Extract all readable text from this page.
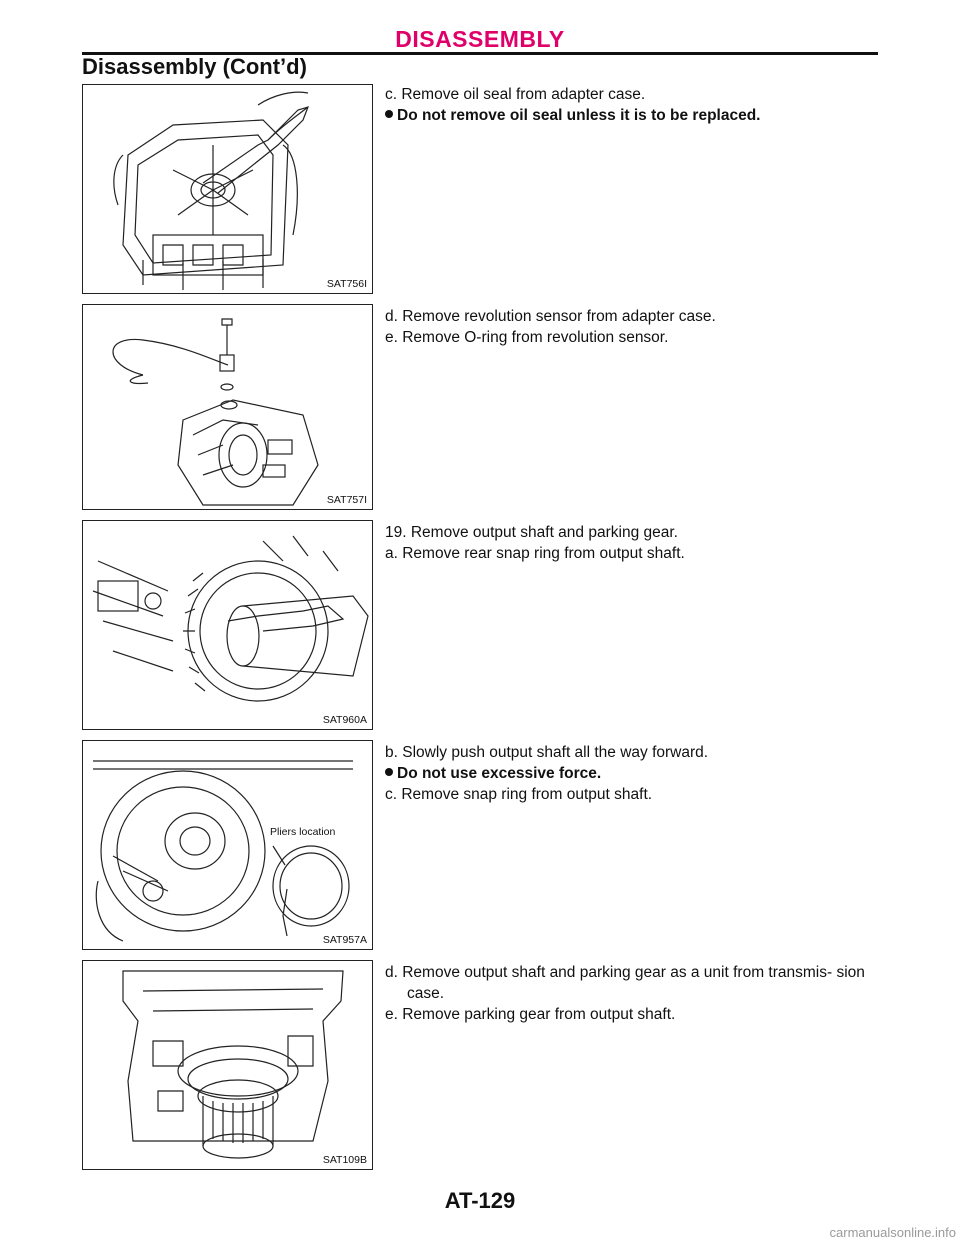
DISASSEMBLY
Disassembly (Cont’d)
SAT756I
SAT757I
SAT960A
SAT957A
Pliers location
SAT109B

c. Remove oil seal from adapter case.

Do not remove oil seal unless it is to be replaced.

d. Remove revolution sensor from adapter case.

e. Remove O-ring from revolution sensor.

19. Remove output shaft and parking gear.

a. Remove rear snap ring from output shaft.

b. Slowly push output shaft all the way forward.

Do not use excessive force.

c. Remove snap ring from output shaft.

d. Remove output shaft and parking gear as a unit from transmis- sion case.

e. Remove parking gear from output shaft.

AT-129
carmanualsonline.info
